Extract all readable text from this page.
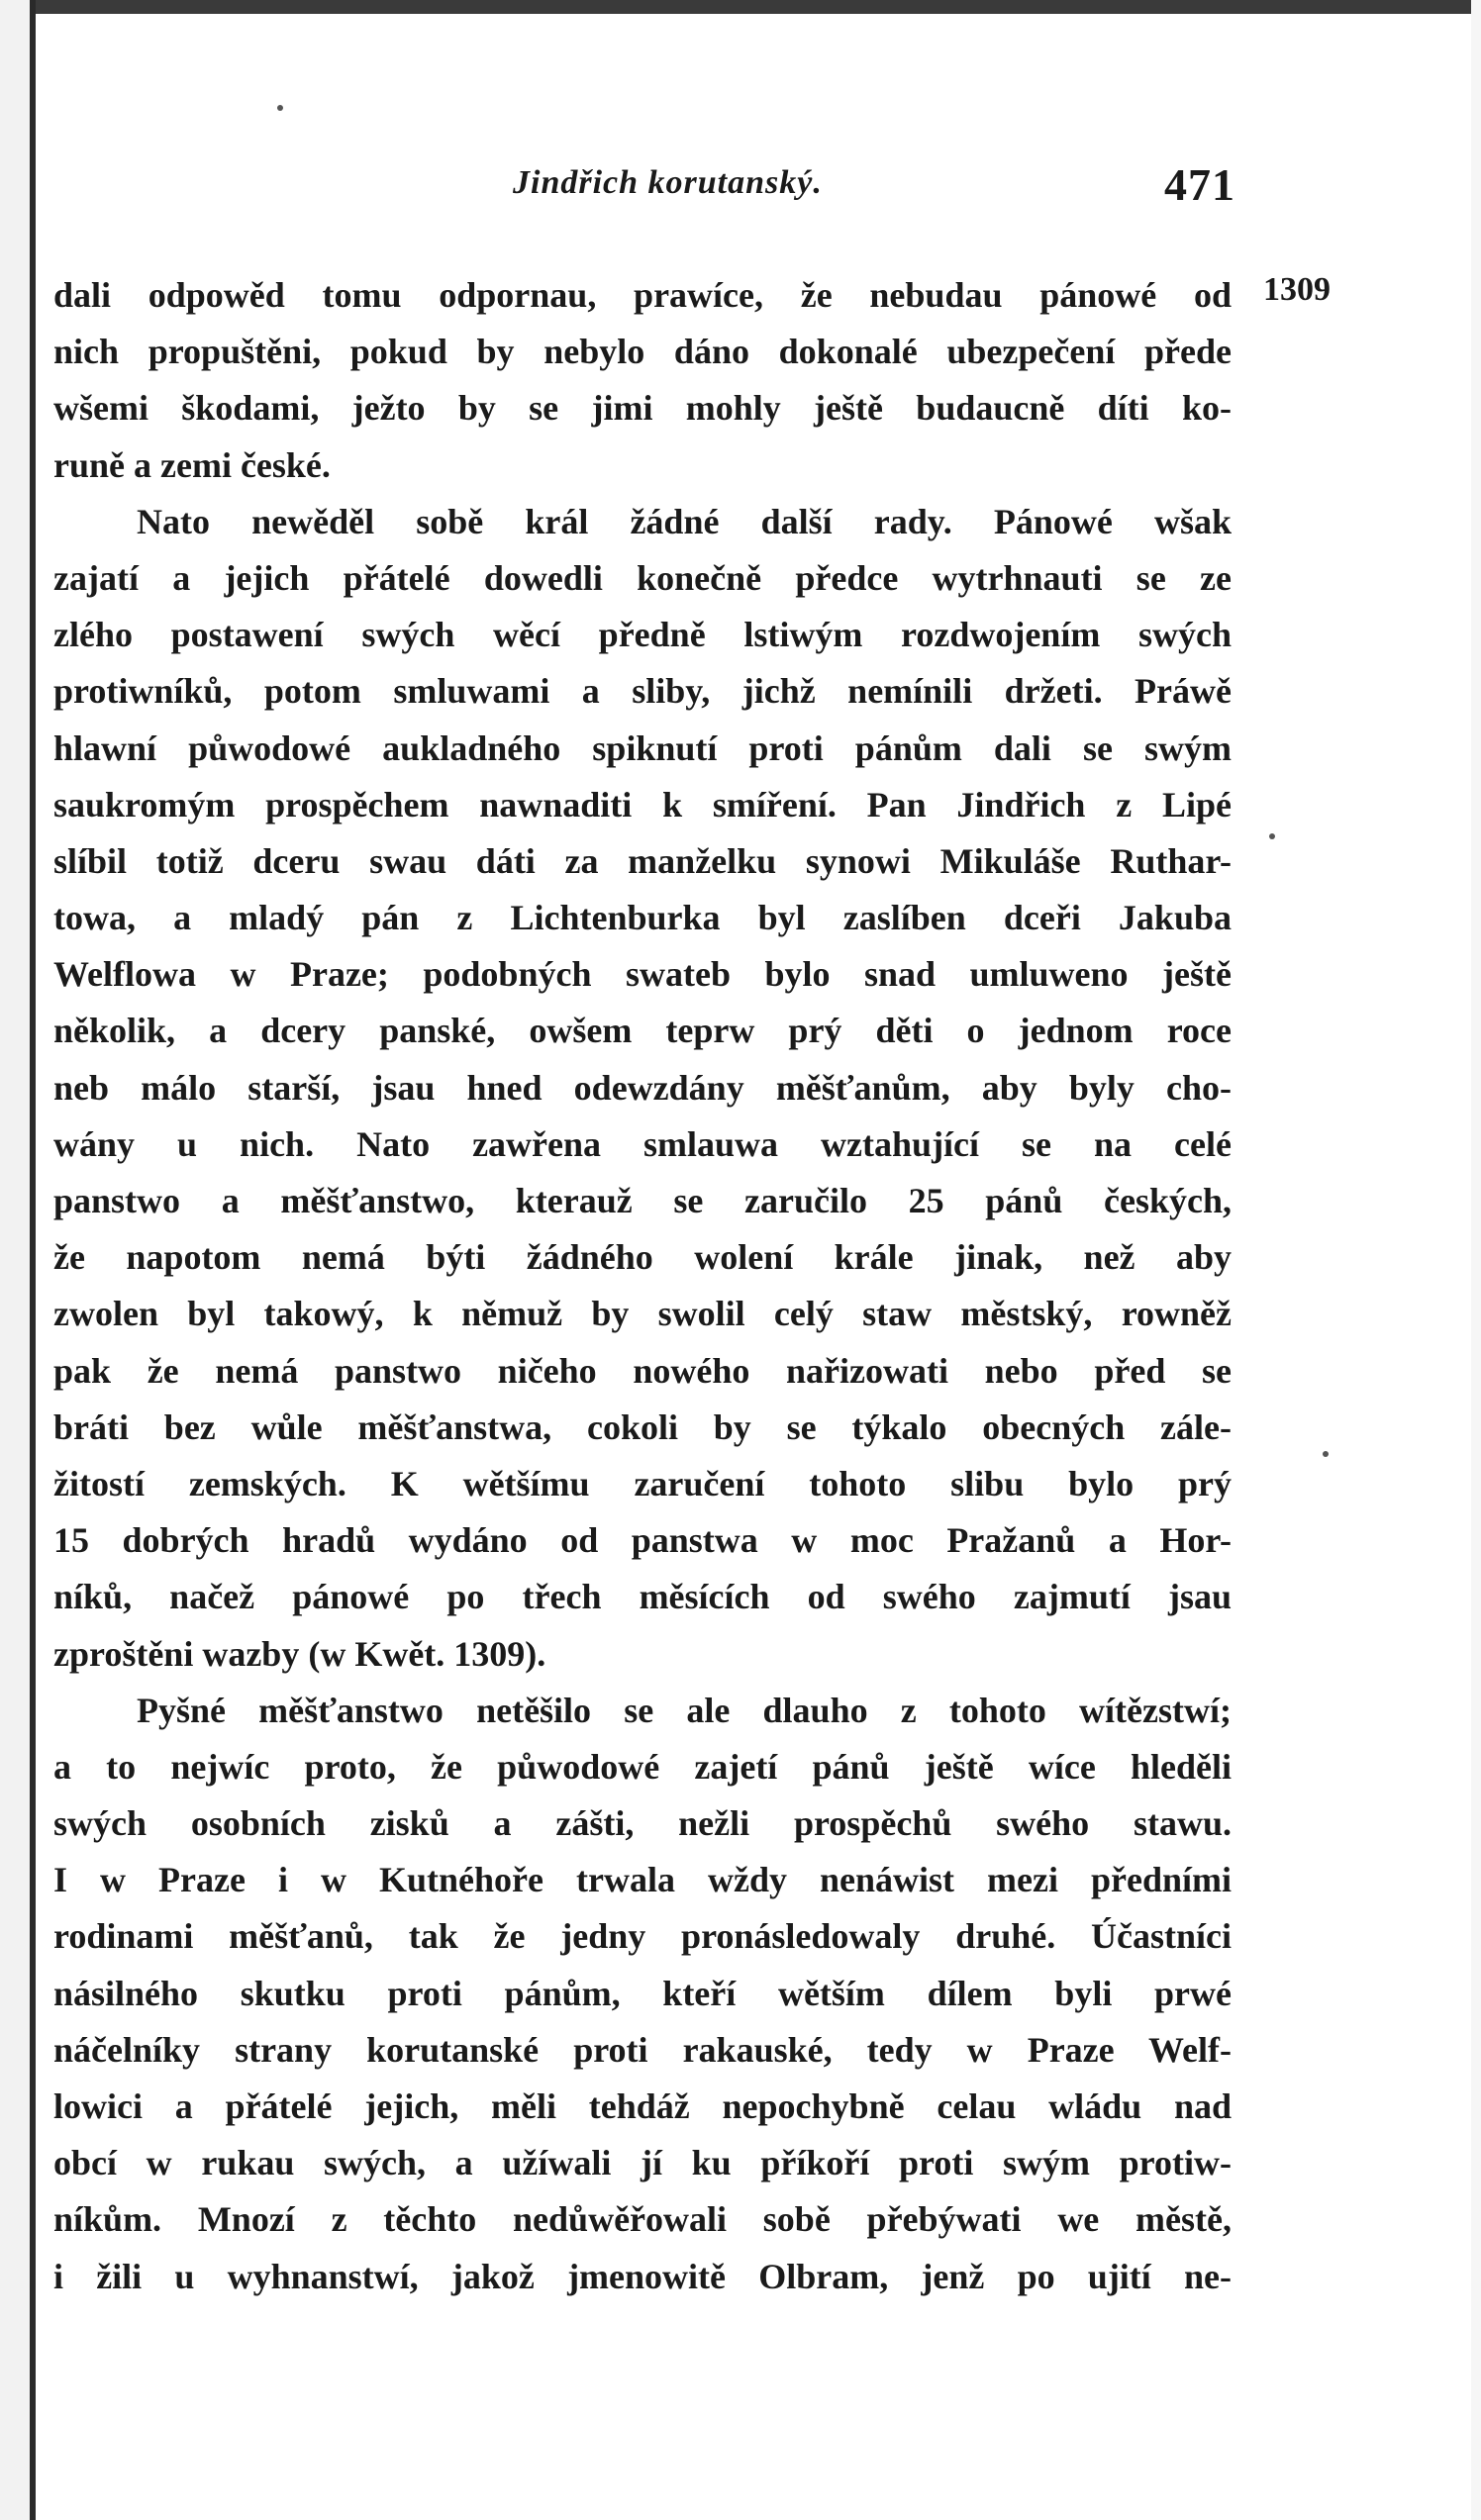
Jindřich korutanský.	471
1309
dali odpowěd tomu odpornau, prawíce, že nebudau pánowé od
nich propuštěni, pokud by nebylo dáno dokonalé ubezpečení přede
wšemi škodami, ježto by se jimi mohly ještě budaucně díti ko-
runě a zemi české.
Nato newěděl sobě král žádné další rady. Pánowé wšak
zajatí a jejich přátelé dowedli konečně předce wytrhnauti se ze
zlého postawení swých wěcí předně lstiwým rozdwojením swých
protiwníků, potom smluwami a sliby, jichž nemínili držeti. Práwě
hlawní půwodowé aukladného spiknutí proti pánům dali se swým
saukromým prospěchem nawnaditi k smíření. Pan Jindřich z Lipé
slíbil totiž dceru swau dáti za manželku synowi Mikuláše Ruthar-
towa, a mladý pán z Lichtenburka byl zaslíben dceři Jakuba
Welflowa w Praze; podobných swateb bylo snad umluweno ještě
několik, a dcery panské, owšem teprw prý děti o jednom roce
neb málo starší, jsau hned odewzdány měšťanům, aby byly cho-
wány u nich. Nato zawřena smlauwa wztahující se na celé
panstwo a měšťanstwo, kterauž se zaručilo 25 pánů českých,
že napotom nemá býti žádného wolení krále jinak, než aby
zwolen byl takowý, k němuž by swolil celý staw městský, rowněž
pak že nemá panstwo ničeho nowého nařizowati nebo před se
bráti bez wůle měšťanstwa, cokoli by se týkalo obecných zále-
žitostí zemských. K wětšímu zaručení tohoto slibu bylo prý
15 dobrých hradů wydáno od panstwa w moc Pražanů a Hor-
níků, načež pánowé po třech měsících od swého zajmutí jsau
zproštěni wazby (w Kwět. 1309).
Pyšné měšťanstwo netěšilo se ale dlauho z tohoto wítězstwí;
a to nejwíc proto, že půwodowé zajetí pánů ještě wíce hleděli
swých osobních zisků a zášti, nežli prospěchů swého stawu.
I w Praze i w Kutnéhoře trwala wždy nenáwist mezi předními
rodinami měšťanů, tak že jedny pronásledowaly druhé. Účastníci
násilného skutku proti pánům, kteří wětším dílem byli prwé
náčelníky strany korutanské proti rakauské, tedy w Praze Welf-
lowici a přátelé jejich, měli tehdáž nepochybně celau wládu nad
obcí w rukau swých, a užíwali jí ku příkoří proti swým protiw-
níkům. Mnozí z těchto nedůwěřowali sobě přebýwati we městě,
i žili u wyhnanstwí, jakož jmenowitě Olbram, jenž po ujití ne-
